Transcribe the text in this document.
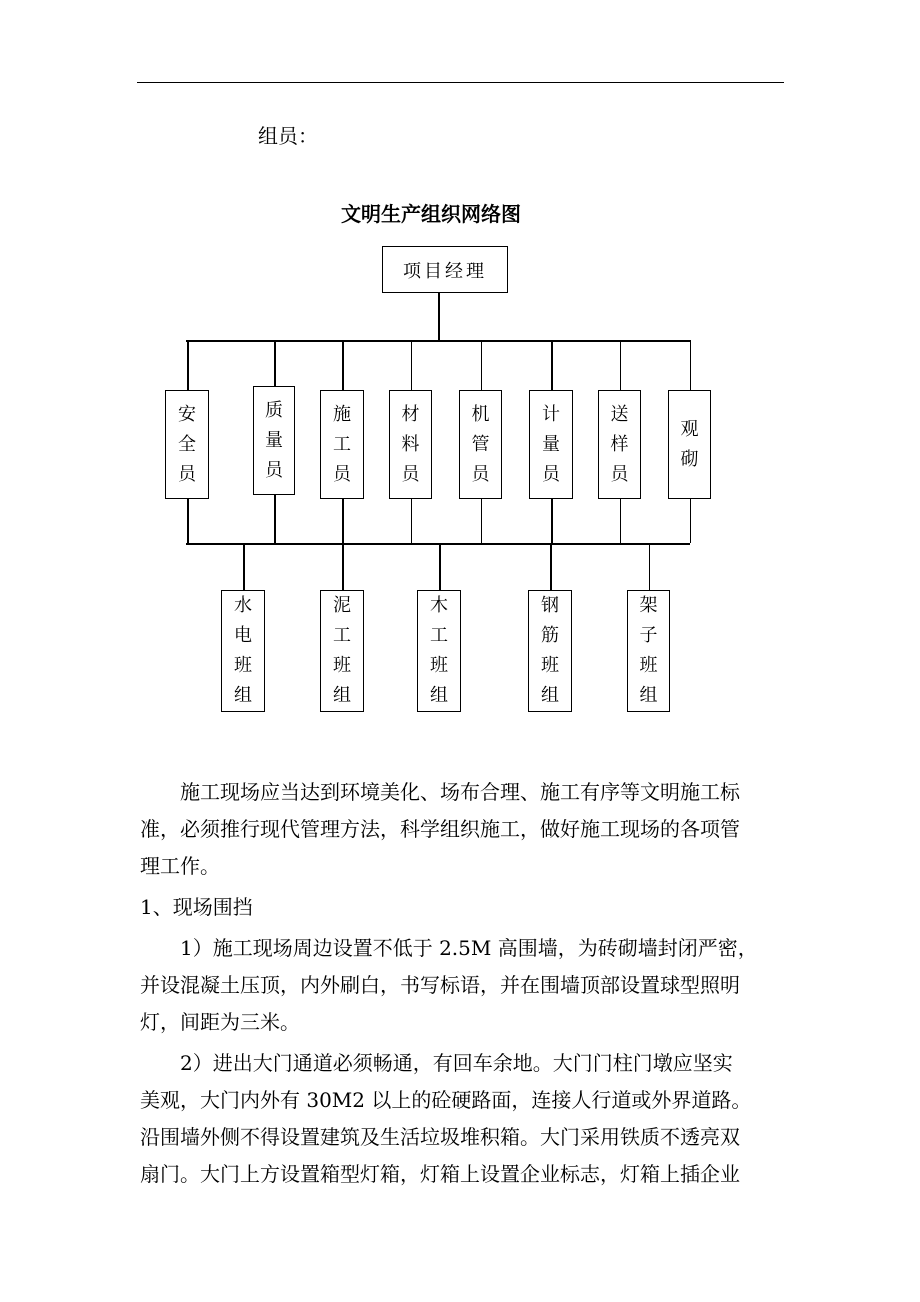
组员：
文明生产组织网络图
项目经理
安
全
员
质
量
员
施
工
员
材
料
员
机
管
员
计
量
员
送
样
员
观
砌
水
电
班
组
泥
工
班
组
木
工
班
组
钢
筋
班
组
架
子
班
组

　　施工现场应当达到环境美化、场布合理、施工有序等文明施工标

准，必须推行现代管理方法，科学组织施工，做好施工现场的各项管

理工作。

1、现场围挡

　　1）施工现场周边设置不低于 2.5M 高围墙，为砖砌墙封闭严密，

并设混凝土压顶，内外刷白，书写标语，并在围墙顶部设置球型照明

灯，间距为三米。

　　2）进出大门通道必须畅通，有回车余地。大门门柱门墩应坚实

美观，大门内外有 30M2 以上的砼硬路面，连接人行道或外界道路。

沿围墙外侧不得设置建筑及生活垃圾堆积箱。大门采用铁质不透亮双

扇门。大门上方设置箱型灯箱，灯箱上设置企业标志，灯箱上插企业
